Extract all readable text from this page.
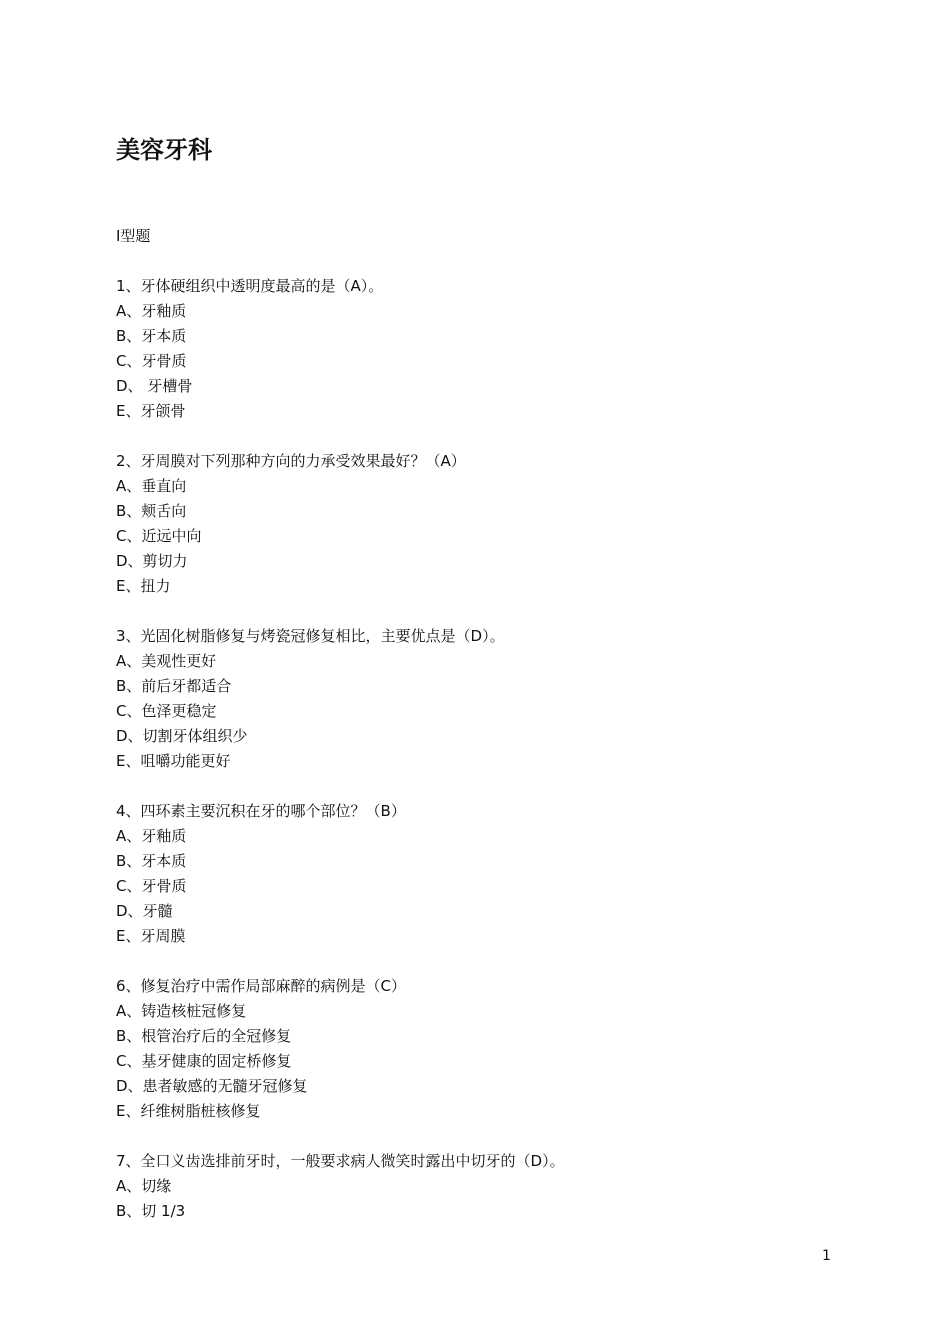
美容牙科

I型题

1、牙体硬组织中透明度最高的是（A）。
A、牙釉质
B、牙本质
C、牙骨质
D、 牙槽骨
E、牙颌骨
2、牙周膜对下列那种方向的力承受效果最好？（A）
A、垂直向
B、颊舌向
C、近远中向
D、剪切力
E、扭力
3、光固化树脂修复与烤瓷冠修复相比，主要优点是（D）。
A、美观性更好
B、前后牙都适合
C、色泽更稳定
D、切割牙体组织少
E、咀嚼功能更好
4、四环素主要沉积在牙的哪个部位？（B）
A、牙釉质
B、牙本质
C、牙骨质
D、牙髓
E、牙周膜
6、修复治疗中需作局部麻醉的病例是（C）
A、铸造核桩冠修复
B、根管治疗后的全冠修复
C、基牙健康的固定桥修复
D、患者敏感的无髓牙冠修复
E、纤维树脂桩核修复
7、全口义齿选排前牙时，一般要求病人微笑时露出中切牙的（D）。
A、切缘
B、切 1/3
1
